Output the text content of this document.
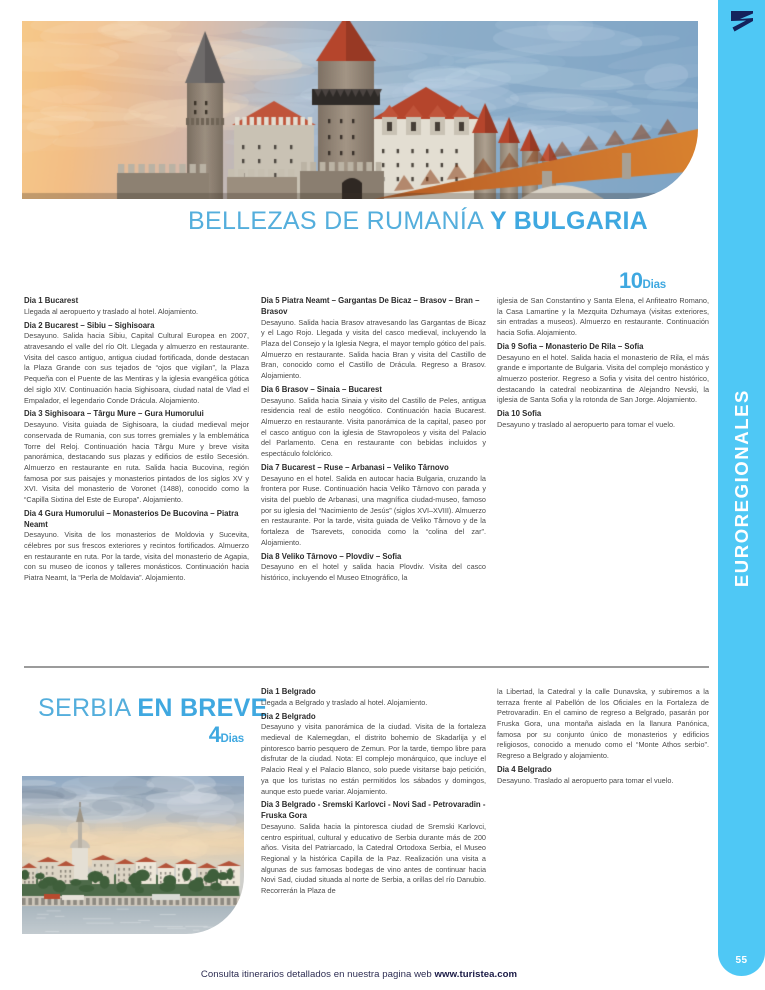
BELLEZAS DE RUMANÍA Y BULGARIA
10Dias
Dia 1 Bucarest

Llegada al aeropuerto y traslado al hotel. Alojamiento.

Dia 2 Bucarest – Sibiu – Sighisoara

Desayuno. Salida hacia Sibiu, Capital Cultural Europea en 2007, atravesando el valle del río Olt. Llegada y almuerzo en restaurante. Visita del casco antiguo, antigua ciudad fortificada, donde destacan la Plaza Grande con sus tejados de “ojos que vigilan”, la Plaza Pequeña con el Puente de las Mentiras y la iglesia evangélica gótica del siglo XIV. Continuación hacia Sighisoara, ciudad natal de Vlad el Empalador, el legendario Conde Drácula. Alojamiento.

Dia 3 Sighisoara – Târgu Mure – Gura Humorului

Desayuno. Visita guiada de Sighisoara, la ciudad medieval mejor conservada de Rumania, con sus torres gremiales y la emblemática Torre del Reloj. Continuación hacia Târgu Mure y breve visita panorámica, destacando sus plazas y edificios de estilo Secesión. Almuerzo en restaurante en ruta. Salida hacia Bucovina, región famosa por sus paisajes y monasterios pintados de los siglos XV y XVI. Visita del monasterio de Voronet (1488), conocido como la “Capilla Sixtina del Este de Europa”. Alojamiento.

Dia 4 Gura Humorului – Monasterios De Bucovina – Piatra Neamt

Desayuno. Visita de los monasterios de Moldovia y Sucevita, célebres por sus frescos exteriores y recintos fortificados. Almuerzo en restaurante en ruta. Por la tarde, visita del monasterio de Agapia, con su museo de iconos y talleres monásticos. Continuación hacia Piatra Neamt, la “Perla de Moldavia”. Alojamiento.

Dia 5 Piatra Neamt – Gargantas De Bicaz – Brasov – Bran – Brasov

Desayuno. Salida hacia Brasov atravesando las Gargantas de Bicaz y el Lago Rojo. Llegada y visita del casco medieval, incluyendo la Plaza del Consejo y la Iglesia Negra, el mayor templo gótico del país. Almuerzo en restaurante. Salida hacia Bran y visita del Castillo de Bran, conocido como el Castillo de Drácula. Regreso a Brasov. Alojamiento.

Dia 6 Brasov – Sinaia – Bucarest

Desayuno. Salida hacia Sinaia y visito del Castillo de Peles, antigua residencia real de estilo neogótico. Continuación hacia Bucarest. Almuerzo en restaurante. Visita panorámica de la capital, paseo por el casco antiguo con la iglesia de Stavropoleos y visita del Palacio del Parlamento. Cena en restaurante con bebidas incluidos y espectáculo folclórico.

Dia 7 Bucarest – Ruse – Arbanasi – Veliko Târnovo

Desayuno en el hotel. Salida en autocar hacia Bulgaria, cruzando la frontera por Ruse. Continuación hacia Veliko Târnovo con parada y visita del pueblo de Arbanasi, una magnífica ciudad-museo, famoso por su iglesia del “Nacimiento de Jesús” (siglos XVI–XVIII). Almuerzo en restaurante. Por la tarde, visita guiada de Veliko Târnovo y de la fortaleza de Tsarevets, conocida como la “colina del zar”. Alojamiento.

Dia 8 Veliko Târnovo – Plovdiv – Sofia

Desayuno en el hotel y salida hacia Plovdiv. Visita del casco histórico, incluyendo el Museo Etnográfico, la

iglesia de San Constantino y Santa Elena, el Anfiteatro Romano, la Casa Lamartine y la Mezquita Dzhumaya (visitas exteriores, sin entradas a museos). Almuerzo en restaurante. Continuación hacia Sofia. Alojamiento.

Dia 9 Sofia – Monasterio De Rila – Sofia

Desayuno en el hotel. Salida hacia el monasterio de Rila, el más grande e importante de Bulgaria. Visita del complejo monástico y almuerzo posterior. Regreso a Sofia y visita del centro histórico, destacando la catedral neobizantina de Alejandro Nevski, la iglesia de Santa Sofia y la rotonda de San Jorge. Alojamiento.

Dia 10 Sofia

Desayuno y traslado al aeropuerto para tomar el vuelo.

SERBIA EN BREVE
4Dias
Dia 1 Belgrado

Llegada a Belgrado y traslado al hotel. Alojamiento.

Dia 2 Belgrado

Desayuno y visita panorámica de la ciudad. Visita de la fortaleza medieval de Kalemegdan, el distrito bohemio de Skadarlija y el pintoresco barrio pesquero de Zemun. Por la tarde, tiempo libre para disfrutar de la ciudad. Nota: El complejo monárquico, que incluye el Palacio Real y el Palacio Blanco, solo puede visitarse bajo petición, ya que los turistas no están permitidos los sábados y domingos, aunque esto puede variar. Alojamiento.

Dia 3 Belgrado - Sremski Karlovci - Novi Sad - Petrovaradin - Fruska Gora

Desayuno. Salida hacia la pintoresca ciudad de Sremski Karlovci, centro espiritual, cultural y educativo de Serbia durante más de 200 años. Visita del Patriarcado, la Catedral Ortodoxa Serbia, el Museo Regional y la histórica Capilla de la Paz. Realización una visita a algunas de sus famosas bodegas de vino antes de continuar hacia Novi Sad, ciudad situada al norte de Serbia, a orillas del río Danubio. Recorrerán la Plaza de

la Libertad, la Catedral y la calle Dunavska, y subiremos a la terraza frente al Pabellón de los Oficiales en la Fortaleza de Petrovaradin. En el camino de regreso a Belgrado, pasarán por Fruska Gora, una montaña aislada en la llanura Panónica, famosa por su conjunto único de monasterios y edificios religiosos, conocido a menudo como el “Monte Athos serbio”. Regreso a Belgrado y alojamiento.

Dia 4 Belgrado

Desayuno. Traslado al aeropuerto para tomar el vuelo.

EUROREGIONALES
55
Consulta itinerarios detallados en nuestra pagina web www.turistea.com
